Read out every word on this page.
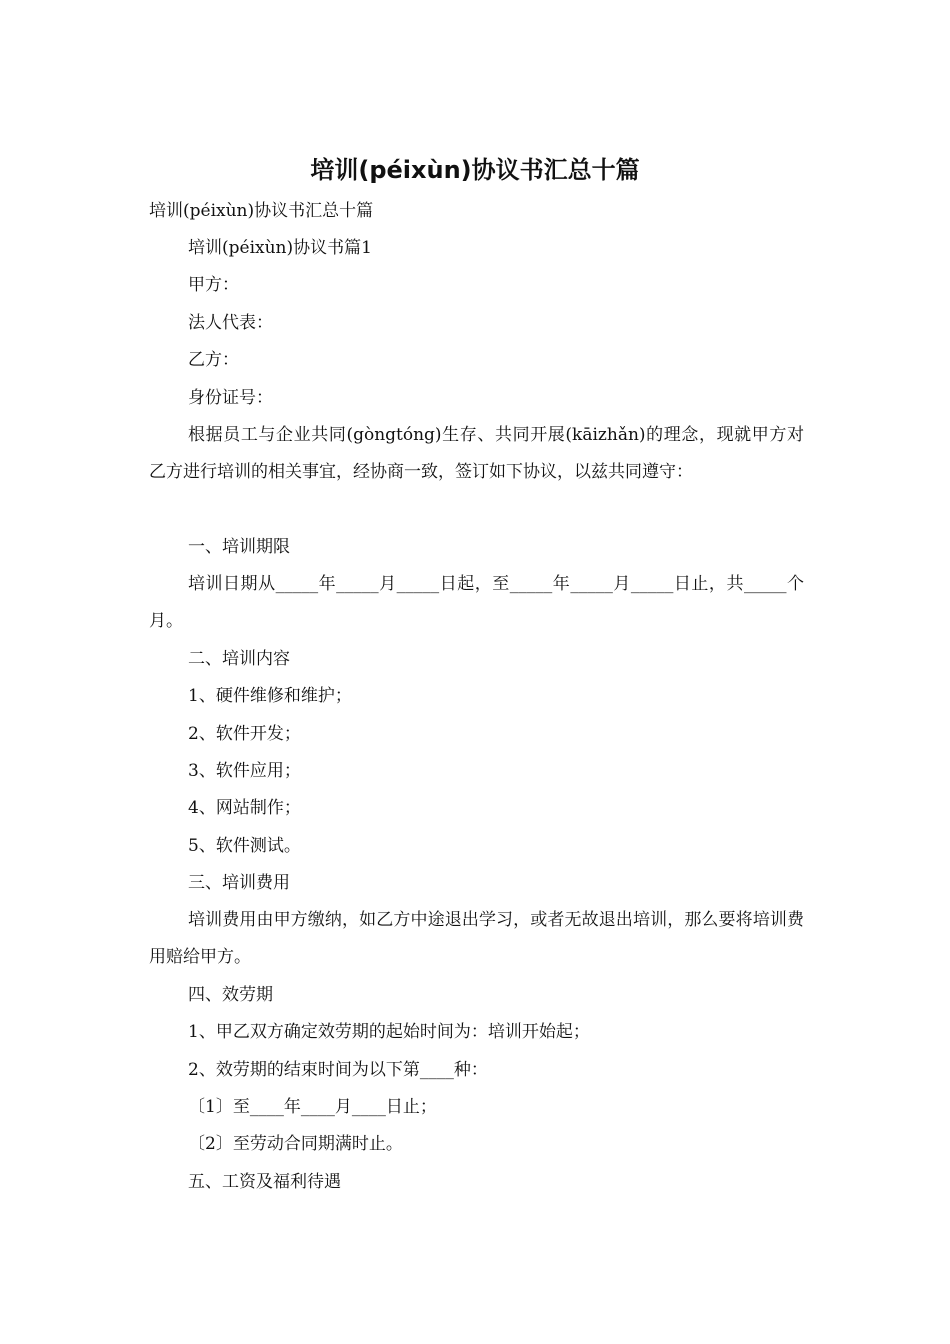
培训(péixùn)协议书汇总十篇
培训(péixùn)协议书汇总十篇
培训(péixùn)协议书篇1
甲方：
法人代表：
乙方：
身份证号：
根据员工与企业共同(gòngtóng)生存、共同开展(kāizhǎn)的理念，现就甲方对乙方进行培训的相关事宜，经协商一致，签订如下协议，以兹共同遵守：
一、培训期限
培训日期从_____年_____月_____日起，至_____年_____月_____日止，共_____个月。
二、培训内容
1、硬件维修和维护；
2、软件开发；
3、软件应用；
4、网站制作；
5、软件测试。
三、培训费用
培训费用由甲方缴纳，如乙方中途退出学习，或者无故退出培训，那么要将培训费用赔给甲方。
四、效劳期
1、甲乙双方确定效劳期的起始时间为：培训开始起；
2、效劳期的结束时间为以下第____种：
〔1〕至____年____月____日止；
〔2〕至劳动合同期满时止。
五、工资及福利待遇
